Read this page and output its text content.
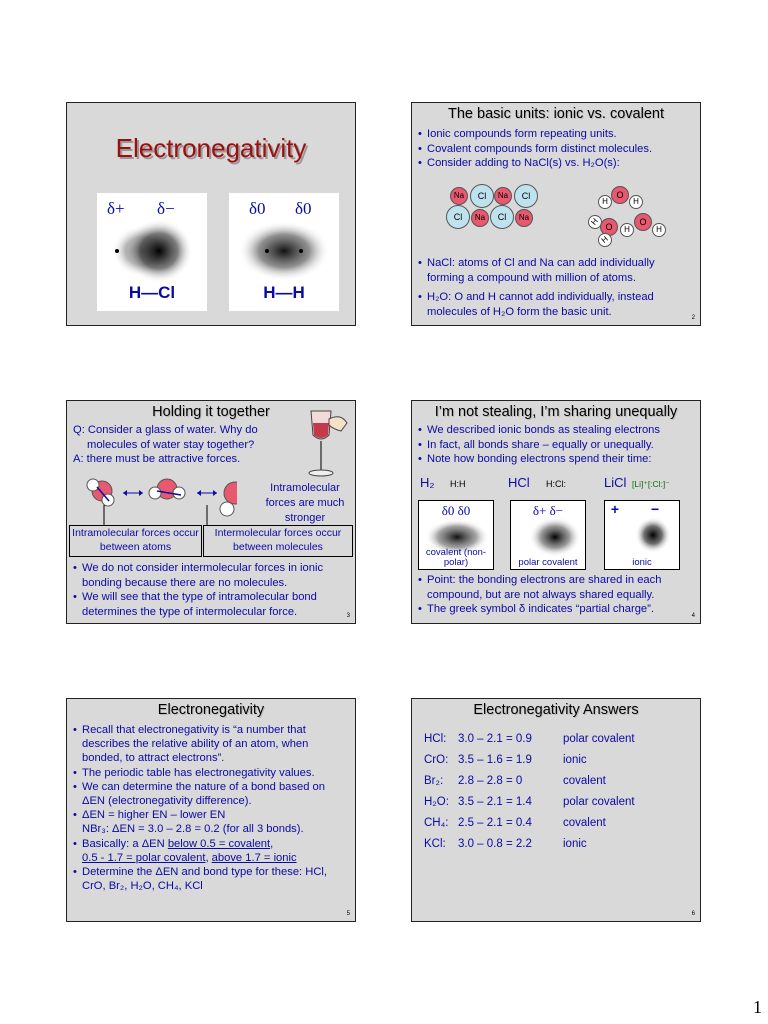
Electronegativity
δ+ δ−
H—Cl
δ0 δ0
H—H
The basic units: ionic vs. covalent
• Ionic compounds form repeating units.
• Covalent compounds form distinct molecules.
• Consider adding to NaCl(s) vs. H₂O(s):
Na	Cl	Na	Cl
Cl	Na	Cl	Na
H
O
H
H
O
H
H
O
H
• NaCl: atoms of Cl and Na can add individually forming a compound with million of atoms.
• H₂O: O and H cannot add individually, instead molecules of H₂O form the basic unit.
2
Holding it together
Q: Consider a glass of water. Why do molecules of water stay together?
A: there must be attractive forces.
Intramolecular forces are much stronger
Intramolecular forces occur between atoms
Intermolecular forces occur between molecules
• We do not consider intermolecular forces in ionic bonding because there are no molecules.
• We will see that the type of intramolecular bond determines the type of intermolecular force.	3
I’m not stealing, I’m sharing unequally
• We described ionic bonds as stealing electrons
• In fact, all bonds share – equally or unequally.
• Note how bonding electrons spend their time:
H₂ H:H	HCl H:Cl:	LiCl [Li]⁺[:Cl:]⁻
δ0 δ0
covalent (non-polar)
δ+ δ−
polar covalent
+ −
ionic
• Point: the bonding electrons are shared in each compound, but are not always shared equally.
• The greek symbol δ indicates “partial charge”.
4
Electronegativity
• Recall that electronegativity is “a number that describes the relative ability of an atom, when bonded, to attract electrons”.
• The periodic table has electronegativity values.
• We can determine the nature of a bond based on ΔEN (electronegativity difference).
• ΔEN = higher EN – lower EN
NBr₃: ΔEN = 3.0 – 2.8 = 0.2 (for all 3 bonds).
• Basically: a ΔEN below 0.5 = covalent,
0.5 - 1.7 = polar covalent, above 1.7 = ionic
• Determine the ΔEN and bond type for these: HCl, CrO, Br₂, H₂O, CH₄, KCl
5
Electronegativity Answers
HCl: 3.0 – 2.1 = 0.9	polar covalent
CrO: 3.5 – 1.6 = 1.9	ionic
Br₂: 2.8 – 2.8 = 0	covalent
H₂O: 3.5 – 2.1 = 1.4	polar covalent
CH₄: 2.5 – 2.1 = 0.4	covalent
KCl: 3.0 – 0.8 = 2.2	ionic
6
1
